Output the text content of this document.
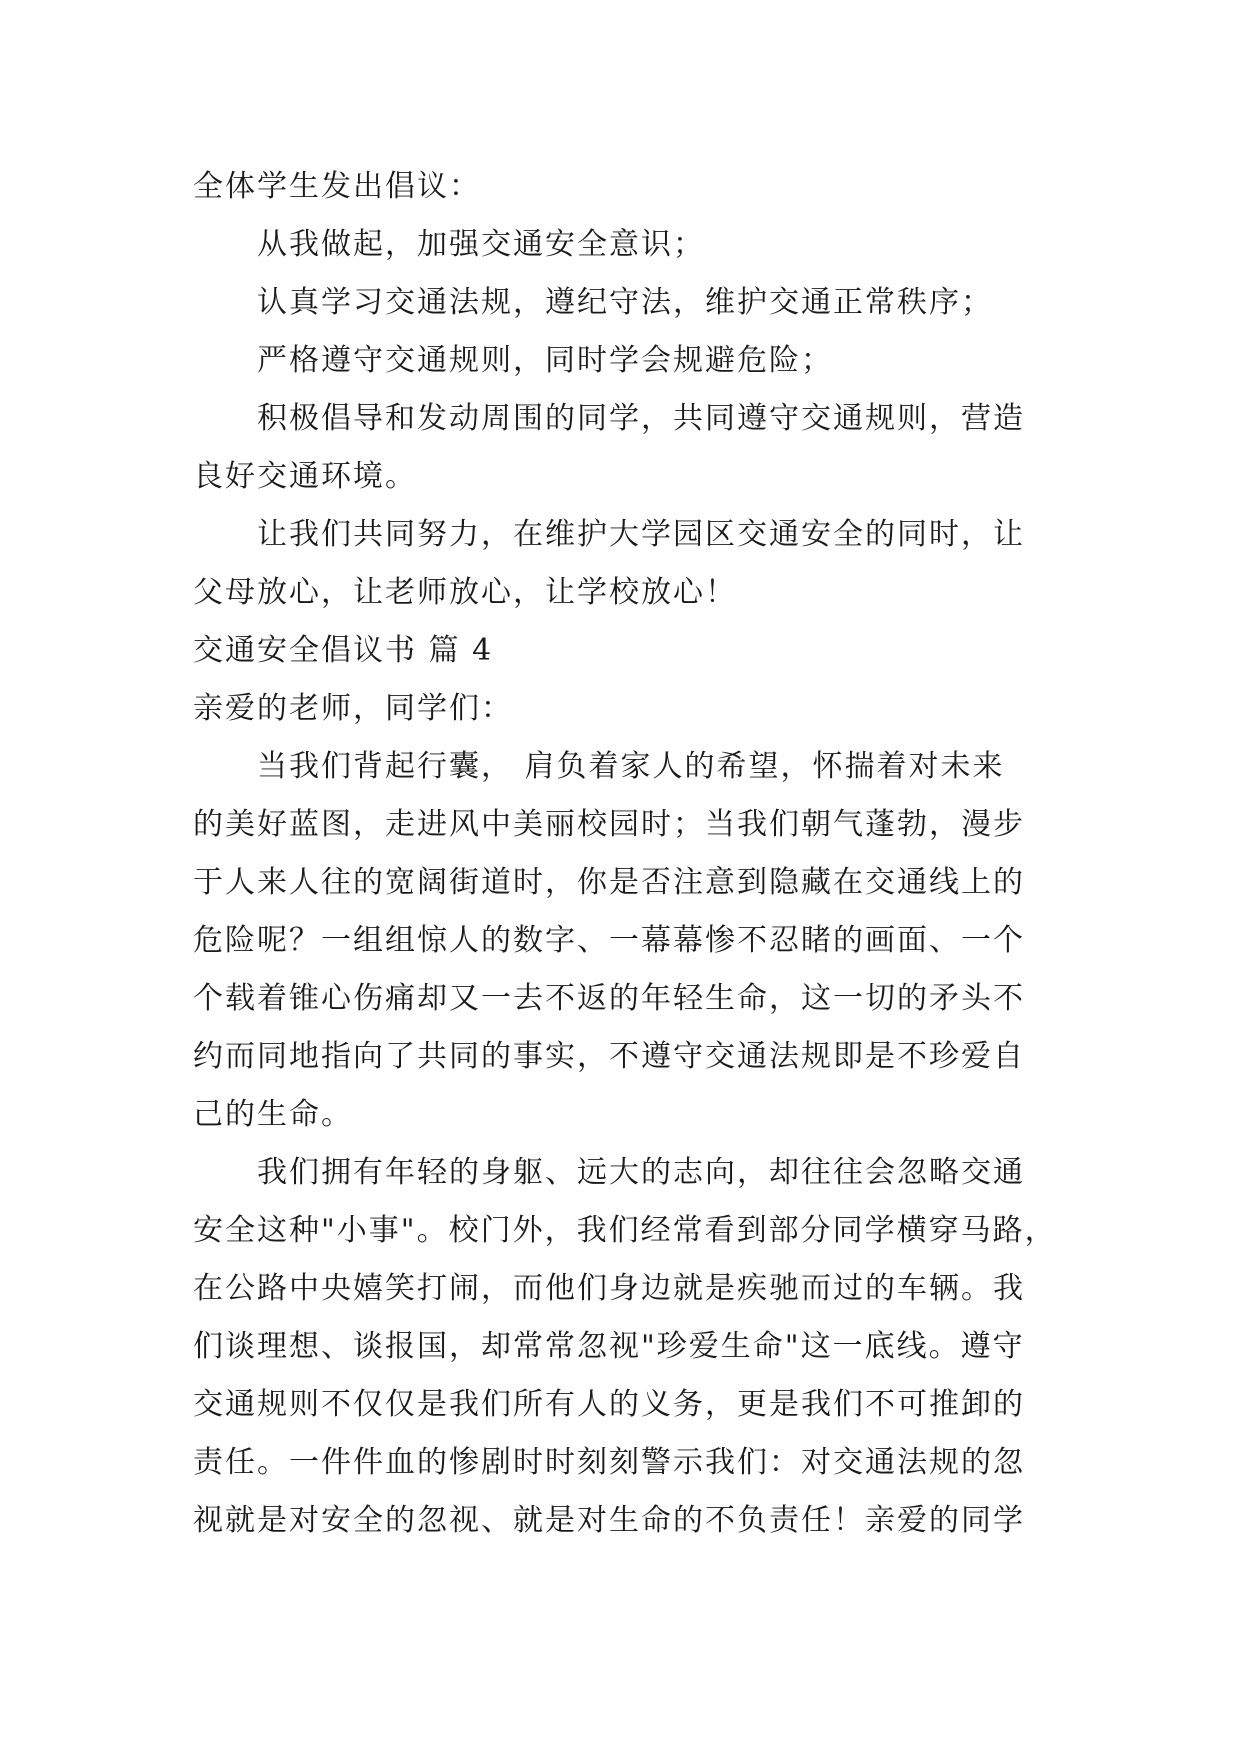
全体学生发出倡议：

从我做起，加强交通安全意识；

认真学习交通法规，遵纪守法，维护交通正常秩序；

严格遵守交通规则，同时学会规避危险；

积极倡导和发动周围的同学，共同遵守交通规则，营造

良好交通环境。

让我们共同努力，在维护大学园区交通安全的同时，让

父母放心，让老师放心，让学校放心！

交通安全倡议书 篇 4

亲爱的老师，同学们：

当我们背起行囊， 肩负着家人的希望，怀揣着对未来

的美好蓝图，走进风中美丽校园时；当我们朝气蓬勃，漫步

于人来人往的宽阔街道时，你是否注意到隐藏在交通线上的

危险呢？一组组惊人的数字、一幕幕惨不忍睹的画面、一个

个载着锥心伤痛却又一去不返的年轻生命，这一切的矛头不

约而同地指向了共同的事实，不遵守交通法规即是不珍爱自

己的生命。

我们拥有年轻的身躯、远大的志向，却往往会忽略交通

安全这种"小事"。校门外，我们经常看到部分同学横穿马路，

在公路中央嬉笑打闹，而他们身边就是疾驰而过的车辆。我

们谈理想、谈报国，却常常忽视"珍爱生命"这一底线。遵守

交通规则不仅仅是我们所有人的义务，更是我们不可推卸的

责任。一件件血的惨剧时时刻刻警示我们：对交通法规的忽

视就是对安全的忽视、就是对生命的不负责任！亲爱的同学
